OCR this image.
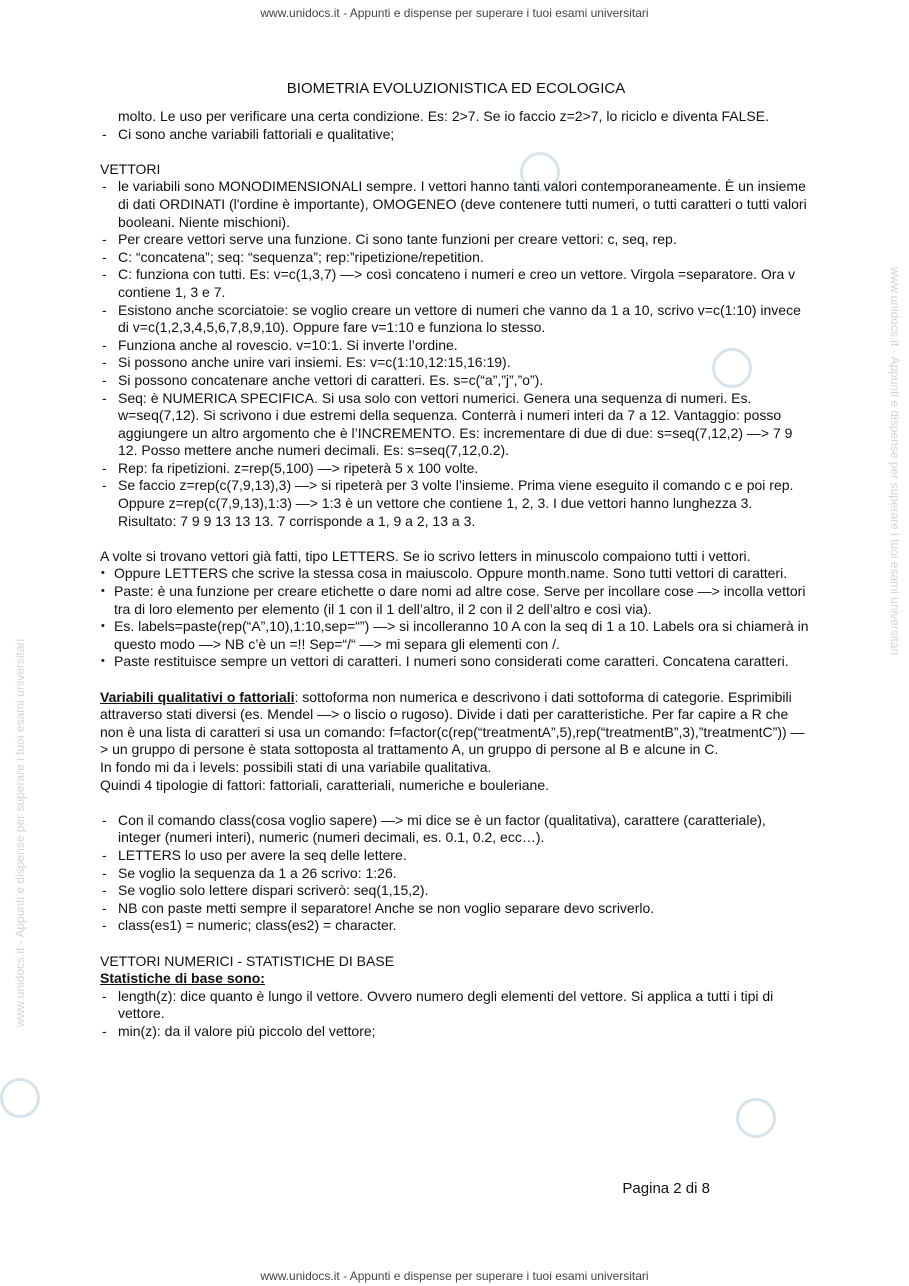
www.unidocs.it - Appunti e dispense per superare i tuoi esami universitari
www.unidocs.it - Appunti e dispense per superare i tuoi esami universitari
www.unidocs.it - Appunti e dispense per superare i tuoi esami universitari
BIOMETRIA EVOLUZIONISTICA ED ECOLOGICA

molto. Le uso per verificare una certa condizione. Es: 2>7. Se io faccio z=2>7, lo riciclo e diventa FALSE.

- Ci sono anche variabili fattoriali e qualitative;

VETTORI

- le variabili sono MONODIMENSIONALI sempre. I vettori hanno tanti valori contemporaneamente. È un insieme di dati ORDINATI (l'ordine è importante), OMOGENEO (deve contenere tutti numeri, o tutti caratteri o tutti valori booleani. Niente mischioni).

- Per creare vettori serve una funzione. Ci sono tante funzioni per creare vettori: c, seq, rep.

- C: “concatena”; seq: “sequenza”; rep:”ripetizione/repetition.

- C: funziona con tutti. Es: v=c(1,3,7) —> così concateno i numeri e creo un vettore. Virgola =separatore. Ora v contiene 1, 3 e 7.

- Esistono anche scorciatoie: se voglio creare un vettore di numeri che vanno da 1 a 10, scrivo v=c(1:10) invece di v=c(1,2,3,4,5,6,7,8,9,10). Oppure fare v=1:10 e funziona lo stesso.

- Funziona anche al rovescio. v=10:1. Si inverte l’ordine.

- Si possono anche unire vari insiemi. Es: v=c(1:10,12:15,16:19).

- Si possono concatenare anche vettori di caratteri. Es. s=c(“a”,”j”,”o”).

- Seq: è NUMERICA SPECIFICA. Si usa solo con vettori numerici. Genera una sequenza di numeri. Es. w=seq(7,12). Si scrivono i due estremi della sequenza. Conterrà i numeri interi da 7 a 12. Vantaggio: posso aggiungere un altro argomento che è l’INCREMENTO. Es: incrementare di due di due: s=seq(7,12,2) —> 7 9 12. Posso mettere anche numeri decimali. Es: s=seq(7,12,0.2).

- Rep: fa ripetizioni. z=rep(5,100) —> ripeterà 5 x 100 volte.

- Se faccio z=rep(c(7,9,13),3) —> si ripeterà per 3 volte l’insieme. Prima viene eseguito il comando c e poi rep. Oppure z=rep(c(7,9,13),1:3) —> 1:3 è un vettore che contiene 1, 2, 3. I due vettori hanno lunghezza 3. Risultato: 7 9 9 13 13 13. 7 corrisponde a 1, 9 a 2, 13 a 3.

A volte si trovano vettori già fatti, tipo LETTERS. Se io scrivo letters in minuscolo compaiono tutti i vettori.

• Oppure LETTERS che scrive la stessa cosa in maiuscolo. Oppure month.name. Sono tutti vettori di caratteri.

• Paste: è una funzione per creare etichette o dare nomi ad altre cose. Serve per incollare cose —> incolla vettori tra di loro elemento per elemento (il 1 con il 1 dell’altro, il 2 con il 2 dell’altro e così via).

• Es. labels=paste(rep(“A”,10),1:10,sep=“”) —> si incolleranno 10 A con la seq di 1 a 10. Labels ora si chiamerà in questo modo —> NB c’è un =!! Sep=“/“ —> mi separa gli elementi con /.

• Paste restituisce sempre un vettori di caratteri. I numeri sono considerati come caratteri. Concatena caratteri.

Variabili qualitativi o fattoriali: sottoforma non numerica e descrivono i dati sottoforma di categorie. Esprimibili attraverso stati diversi (es. Mendel —> o liscio o rugoso). Divide i dati per caratteristiche. Per far capire a R che non è una lista di caratteri si usa un comando: f=factor(c(rep(“treatmentA”,5),rep(“treatmentB”,3),”treatmentC”)) —> un gruppo di persone è stata sottoposta al trattamento A, un gruppo di persone al B e alcune in C.

In fondo mi da i levels: possibili stati di una variabile qualitativa.

Quindi 4 tipologie di fattori: fattoriali, caratteriali, numeriche e bouleriane.

- Con il comando class(cosa voglio sapere) —> mi dice se è un factor (qualitativa), carattere (caratteriale), integer (numeri interi), numeric (numeri decimali, es. 0.1, 0.2, ecc…).

- LETTERS lo uso per avere la seq delle lettere.

- Se voglio la sequenza da 1 a 26 scrivo: 1:26.

- Se voglio solo lettere dispari scriverò: seq(1,15,2).

- NB con paste metti sempre il separatore! Anche se non voglio separare devo scriverlo.

- class(es1) = numeric; class(es2) = character.

VETTORI NUMERICI - STATISTICHE DI BASE

Statistiche di base sono:

- length(z): dice quanto è lungo il vettore. Ovvero numero degli elementi del vettore. Si applica a tutti i tipi di vettore.

- min(z): da il valore più piccolo del vettore;

Pagina 2 di 8
www.unidocs.it - Appunti e dispense per superare i tuoi esami universitari
